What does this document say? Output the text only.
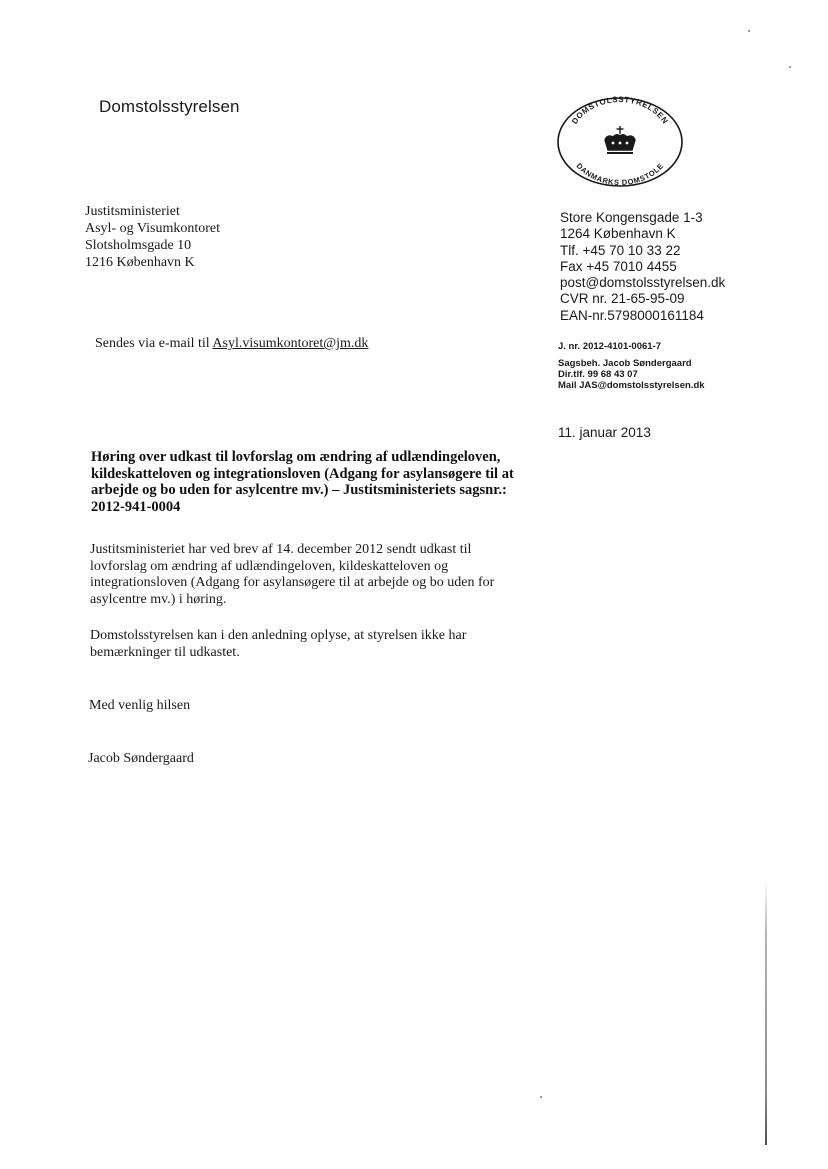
Domstolsstyrelsen
DOMSTOLSSTYRELSEN
DANMARKS DOMSTOLE
Justitsministeriet
Asyl- og Visumkontoret
Slotsholmsgade 10
1216 København K
Store Kongensgade 1-3
1264 København K
Tlf. +45 70 10 33 22
Fax +45 7010 4455
post@domstolsstyrelsen.dk
CVR nr. 21-65-95-09
EAN-nr.5798000161184
Sendes via e-mail til Asyl.visumkontoret@jm.dk	J. nr. 2012-4101-0061-7
Sagsbeh. Jacob Søndergaard
Dir.tlf. 99 68 43 07
Mail JAS@domstolsstyrelsen.dk
11. januar 2013
Høring over udkast til lovforslag om ændring af udlændingeloven,
kildeskatteloven og integrationsloven (Adgang for asylansøgere til at
arbejde og bo uden for asylcentre mv.) – Justitsministeriets sagsnr.:
2012-941-0004
Justitsministeriet har ved brev af 14. december 2012 sendt udkast til
lovforslag om ændring af udlændingeloven, kildeskatteloven og
integrationsloven (Adgang for asylansøgere til at arbejde og bo uden for
asylcentre mv.) i høring.
Domstolsstyrelsen kan i den anledning oplyse, at styrelsen ikke har
bemærkninger til udkastet.
Med venlig hilsen
Jacob Søndergaard
